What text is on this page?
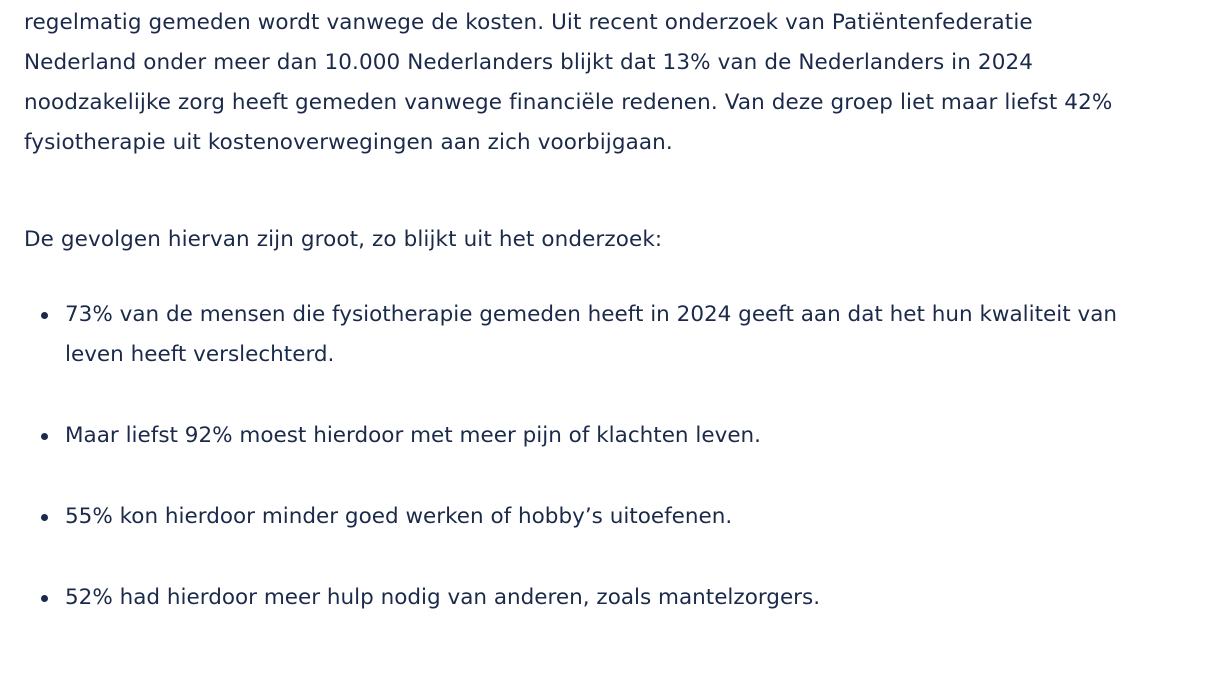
regelmatig gemeden wordt vanwege de kosten. Uit recent onderzoek van Patiëntenfederatie Nederland onder meer dan 10.000 Nederlanders blijkt dat 13% van de Nederlanders in 2024 noodzakelijke zorg heeft gemeden vanwege financiële redenen. Van deze groep liet maar liefst 42% fysiotherapie uit kostenoverwegingen aan zich voorbijgaan.

De gevolgen hiervan zijn groot, zo blijkt uit het onderzoek:

73% van de mensen die fysiotherapie gemeden heeft in 2024 geeft aan dat het hun kwaliteit van leven heeft verslechterd.
Maar liefst 92% moest hierdoor met meer pijn of klachten leven.
55% kon hierdoor minder goed werken of hobby’s uitoefenen.
52% had hierdoor meer hulp nodig van anderen, zoals mantelzorgers.
